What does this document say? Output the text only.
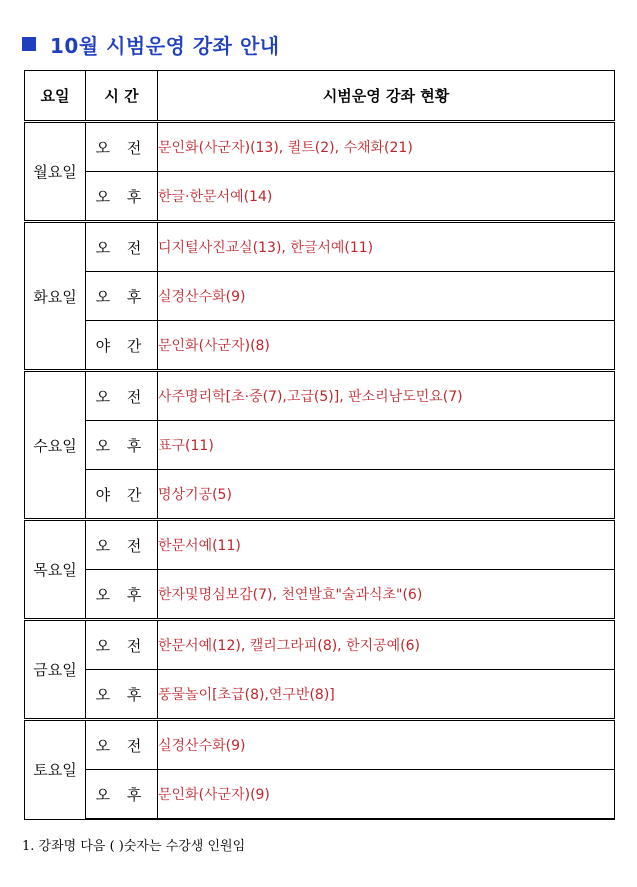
10월 시범운영 강좌 안내
요일	시 간	시범운영 강좌 현황
월요일	오 전	문인화(사군자)(13), 퀼트(2), 수채화(21)
	오 후	한글·한문서예(14)
화요일	오 전	디지털사진교실(13), 한글서예(11)
	오 후	실경산수화(9)
	야 간	문인화(사군자)(8)
수요일	오 전	사주명리학[초·중(7),고급(5)], 판소리남도민요(7)
	오 후	표구(11)
	야 간	명상기공(5)
목요일	오 전	한문서예(11)
	오 후	한자및명심보감(7), 천연발효"술과식초"(6)
금요일	오 전	한문서예(12), 캘리그라피(8), 한지공예(6)
	오 후	풍물놀이[초급(8),연구반(8)]
토요일	오 전	실경산수화(9)
	오 후	문인화(사군자)(9)
1. 강좌명 다음 ( )숫자는 수강생 인원임
